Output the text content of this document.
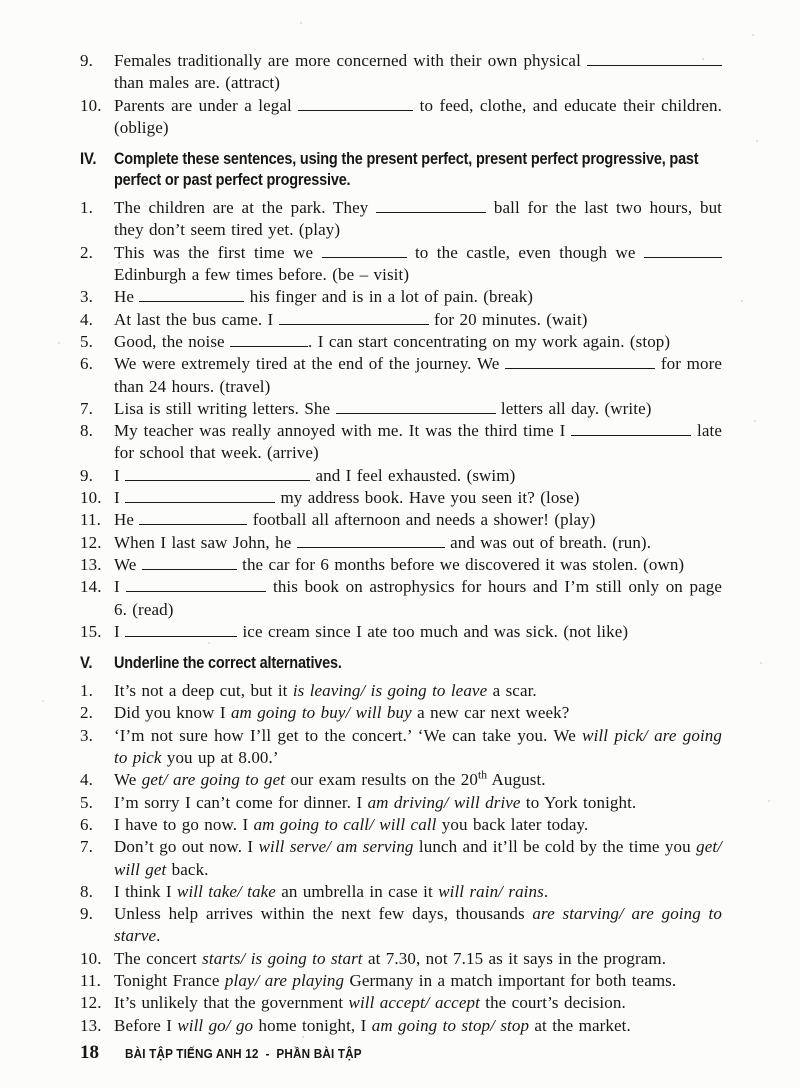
9. Females traditionally are more concerned with their own physical  than males are. (attract)
10. Parents are under a legal	to feed, clothe, and educate their children. (oblige)
IV. Complete these sentences, using the present perfect, present perfect progressive, past perfect or past perfect progressive.
1. The children are at the park. They	ball for the last two hours, but they don’t seem tired yet. (play)
2. This was the first time we	to the castle, even though we  Edinburgh a few times before. (be – visit)
3. He	his finger and is in a lot of pain. (break)
4. At last the bus came. I	for 20 minutes. (wait)
5. Good, the noise	. I can start concentrating on my work again. (stop)
6. We were extremely tired at the end of the journey. We	for more than 24 hours. (travel)
7. Lisa is still writing letters. She	letters all day. (write)
8. My teacher was really annoyed with me. It was the third time I	late for school that week. (arrive)
9. I	and I feel exhausted. (swim)
10. I	my address book. Have you seen it? (lose)
11. He	football all afternoon and needs a shower! (play)
12. When I last saw John, he	and was out of breath. (run).
13. We	the car for 6 months before we discovered it was stolen. (own)
14. I	this book on astrophysics for hours and I’m still only on page 6. (read)
15. I	ice cream since I ate too much and was sick. (not like)
V. Underline the correct alternatives.
1. It’s not a deep cut, but it is leaving/ is going to leave a scar.
2. Did you know I am going to buy/ will buy a new car next week?
3. ‘I’m not sure how I’ll get to the concert.’ ‘We can take you. We will pick/ are going to pick you up at 8.00.’
4. We get/ are going to get our exam results on the 20th August.
5. I’m sorry I can’t come for dinner. I am driving/ will drive to York tonight.
6. I have to go now. I am going to call/ will call you back later today.
7. Don’t go out now. I will serve/ am serving lunch and it’ll be cold by the time you get/ will get back.
8. I think I will take/ take an umbrella in case it will rain/ rains.
9. Unless help arrives within the next few days, thousands are starving/ are going to starve.
10. The concert starts/ is going to start at 7.30, not 7.15 as it says in the program.
11. Tonight France play/ are playing Germany in a match important for both teams.
12. It’s unlikely that the government will accept/ accept the court’s decision.
13. Before I will go/ go home tonight, I am going to stop/ stop at the market.
18 BÀI TẬP TIẾNG ANH 12  -  PHẦN BÀI TẬP
